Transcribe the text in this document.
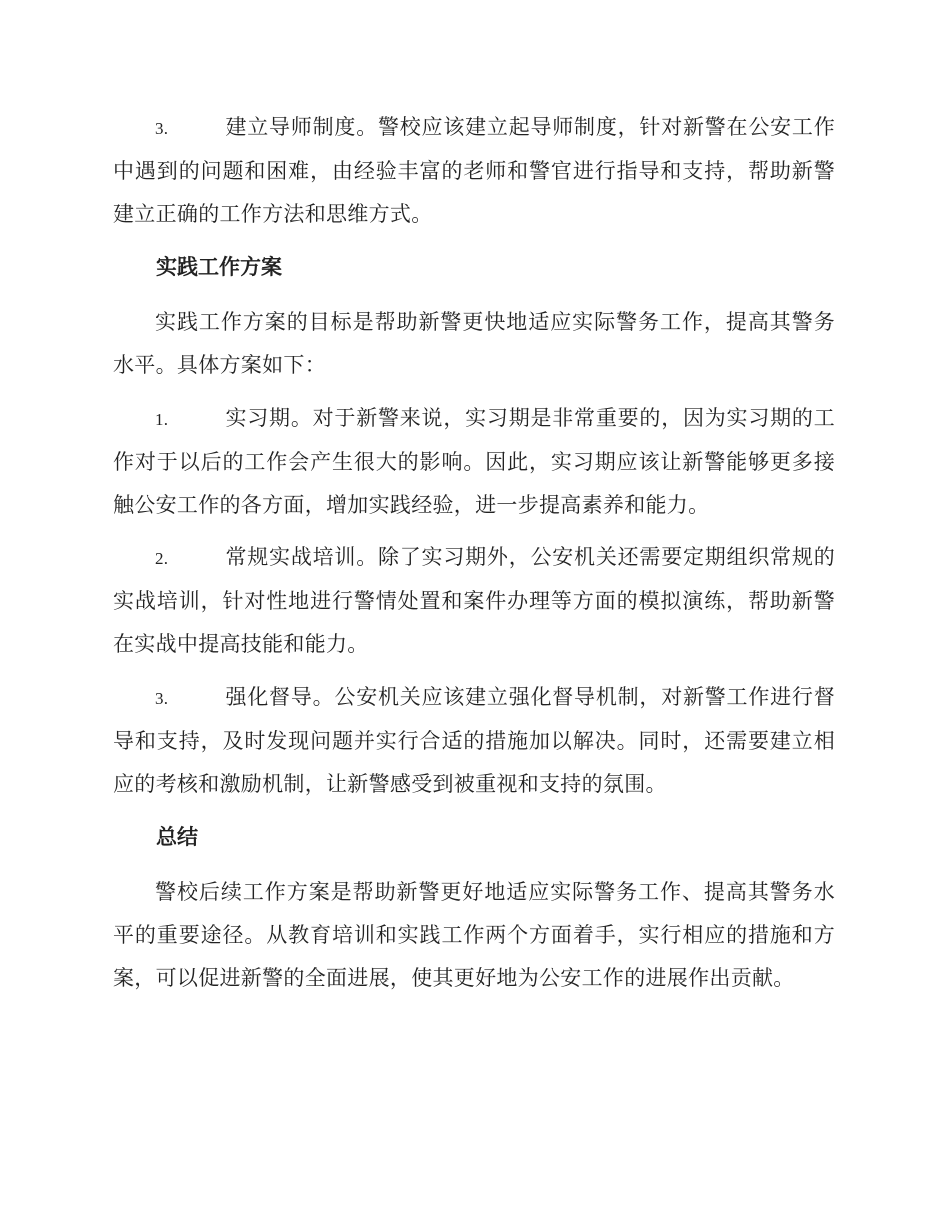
3.	建立导师制度。警校应该建立起导师制度，针对新警在公安工作中遇到的问题和困难，由经验丰富的老师和警官进行指导和支持，帮助新警建立正确的工作方法和思维方式。

实践工作方案

实践工作方案的目标是帮助新警更快地适应实际警务工作，提高其警务水平。具体方案如下：

1.	实习期。对于新警来说，实习期是非常重要的，因为实习期的工作对于以后的工作会产生很大的影响。因此，实习期应该让新警能够更多接触公安工作的各方面，增加实践经验，进一步提高素养和能力。

2.	常规实战培训。除了实习期外，公安机关还需要定期组织常规的实战培训，针对性地进行警情处置和案件办理等方面的模拟演练，帮助新警在实战中提高技能和能力。

3.	强化督导。公安机关应该建立强化督导机制，对新警工作进行督导和支持，及时发现问题并实行合适的措施加以解决。同时，还需要建立相应的考核和激励机制，让新警感受到被重视和支持的氛围。

总结

警校后续工作方案是帮助新警更好地适应实际警务工作、提高其警务水平的重要途径。从教育培训和实践工作两个方面着手，实行相应的措施和方案，可以促进新警的全面进展，使其更好地为公安工作的进展作出贡献。
